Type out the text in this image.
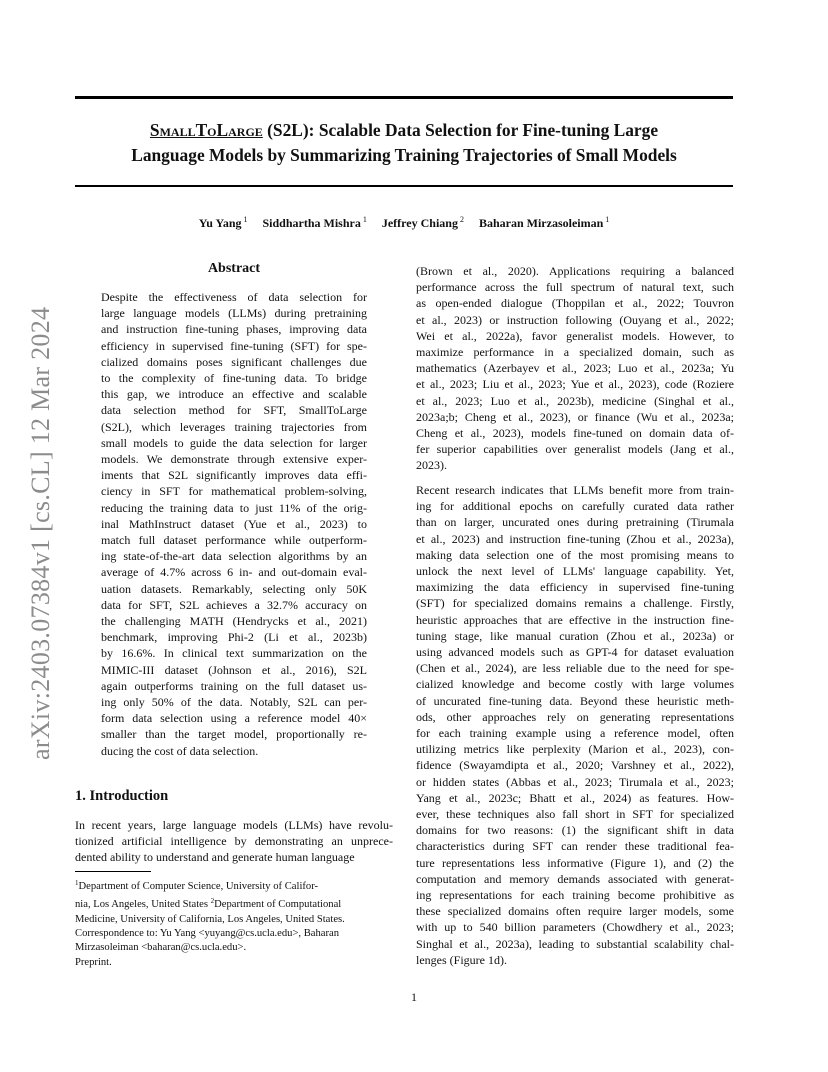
SmallToLarge (S2L): Scalable Data Selection for Fine-tuning Large
Language Models by Summarizing Training Trajectories of Small Models
Yu Yang $^1$ Siddhartha Mishra $^1$ Jeffrey Chiang $^2$ Baharan Mirzasoleiman $^1$
arXiv:2403.07384v1 [cs.CL] 12 Mar 2024
Abstract
Despite the effectiveness of data selection for
large language models (LLMs) during pretraining
and instruction fine-tuning phases, improving data
efficiency in supervised fine-tuning (SFT) for spe-
cialized domains poses significant challenges due
to the complexity of fine-tuning data. To bridge
this gap, we introduce an effective and scalable
data selection method for SFT, SmallToLarge
(S2L), which leverages training trajectories from
small models to guide the data selection for larger
models. We demonstrate through extensive exper-
iments that S2L significantly improves data effi-
ciency in SFT for mathematical problem-solving,
reducing the training data to just 11% of the orig-
inal MathInstruct dataset (Yue et al., 2023) to
match full dataset performance while outperform-
ing state-of-the-art data selection algorithms by an
average of 4.7% across 6 in- and out-domain eval-
uation datasets. Remarkably, selecting only 50K
data for SFT, S2L achieves a 32.7% accuracy on
the challenging MATH (Hendrycks et al., 2021)
benchmark, improving Phi-2 (Li et al., 2023b)
by 16.6%. In clinical text summarization on the
MIMIC-III dataset (Johnson et al., 2016), S2L
again outperforms training on the full dataset us-
ing only 50% of the data. Notably, S2L can per-
form data selection using a reference model 40×
smaller than the target model, proportionally re-
ducing the cost of data selection.
1. Introduction
In recent years, large language models (LLMs) have revolu-
tionized artificial intelligence by demonstrating an unprece-
dented ability to understand and generate human language
$^1$Department of Computer Science, University of Califor-
nia, Los Angeles, United States $^2$Department of Computational
Medicine, University of California, Los Angeles, United States.
Correspondence to: Yu Yang <yuyang@cs.ucla.edu>, Baharan
Mirzasoleiman <baharan@cs.ucla.edu>.
Preprint.
(Brown et al., 2020). Applications requiring a balanced
performance across the full spectrum of natural text, such
as open-ended dialogue (Thoppilan et al., 2022; Touvron
et al., 2023) or instruction following (Ouyang et al., 2022;
Wei et al., 2022a), favor generalist models. However, to
maximize performance in a specialized domain, such as
mathematics (Azerbayev et al., 2023; Luo et al., 2023a; Yu
et al., 2023; Liu et al., 2023; Yue et al., 2023), code (Roziere
et al., 2023; Luo et al., 2023b), medicine (Singhal et al.,
2023a;b; Cheng et al., 2023), or finance (Wu et al., 2023a;
Cheng et al., 2023), models fine-tuned on domain data of-
fer superior capabilities over generalist models (Jang et al.,
2023).
Recent research indicates that LLMs benefit more from train-
ing for additional epochs on carefully curated data rather
than on larger, uncurated ones during pretraining (Tirumala
et al., 2023) and instruction fine-tuning (Zhou et al., 2023a),
making data selection one of the most promising means to
unlock the next level of LLMs' language capability. Yet,
maximizing the data efficiency in supervised fine-tuning
(SFT) for specialized domains remains a challenge. Firstly,
heuristic approaches that are effective in the instruction fine-
tuning stage, like manual curation (Zhou et al., 2023a) or
using advanced models such as GPT-4 for dataset evaluation
(Chen et al., 2024), are less reliable due to the need for spe-
cialized knowledge and become costly with large volumes
of uncurated fine-tuning data. Beyond these heuristic meth-
ods, other approaches rely on generating representations
for each training example using a reference model, often
utilizing metrics like perplexity (Marion et al., 2023), con-
fidence (Swayamdipta et al., 2020; Varshney et al., 2022),
or hidden states (Abbas et al., 2023; Tirumala et al., 2023;
Yang et al., 2023c; Bhatt et al., 2024) as features. How-
ever, these techniques also fall short in SFT for specialized
domains for two reasons: (1) the significant shift in data
characteristics during SFT can render these traditional fea-
ture representations less informative (Figure 1), and (2) the
computation and memory demands associated with generat-
ing representations for each training become prohibitive as
these specialized domains often require larger models, some
with up to 540 billion parameters (Chowdhery et al., 2023;
Singhal et al., 2023a), leading to substantial scalability chal-
lenges (Figure 1d).
1
